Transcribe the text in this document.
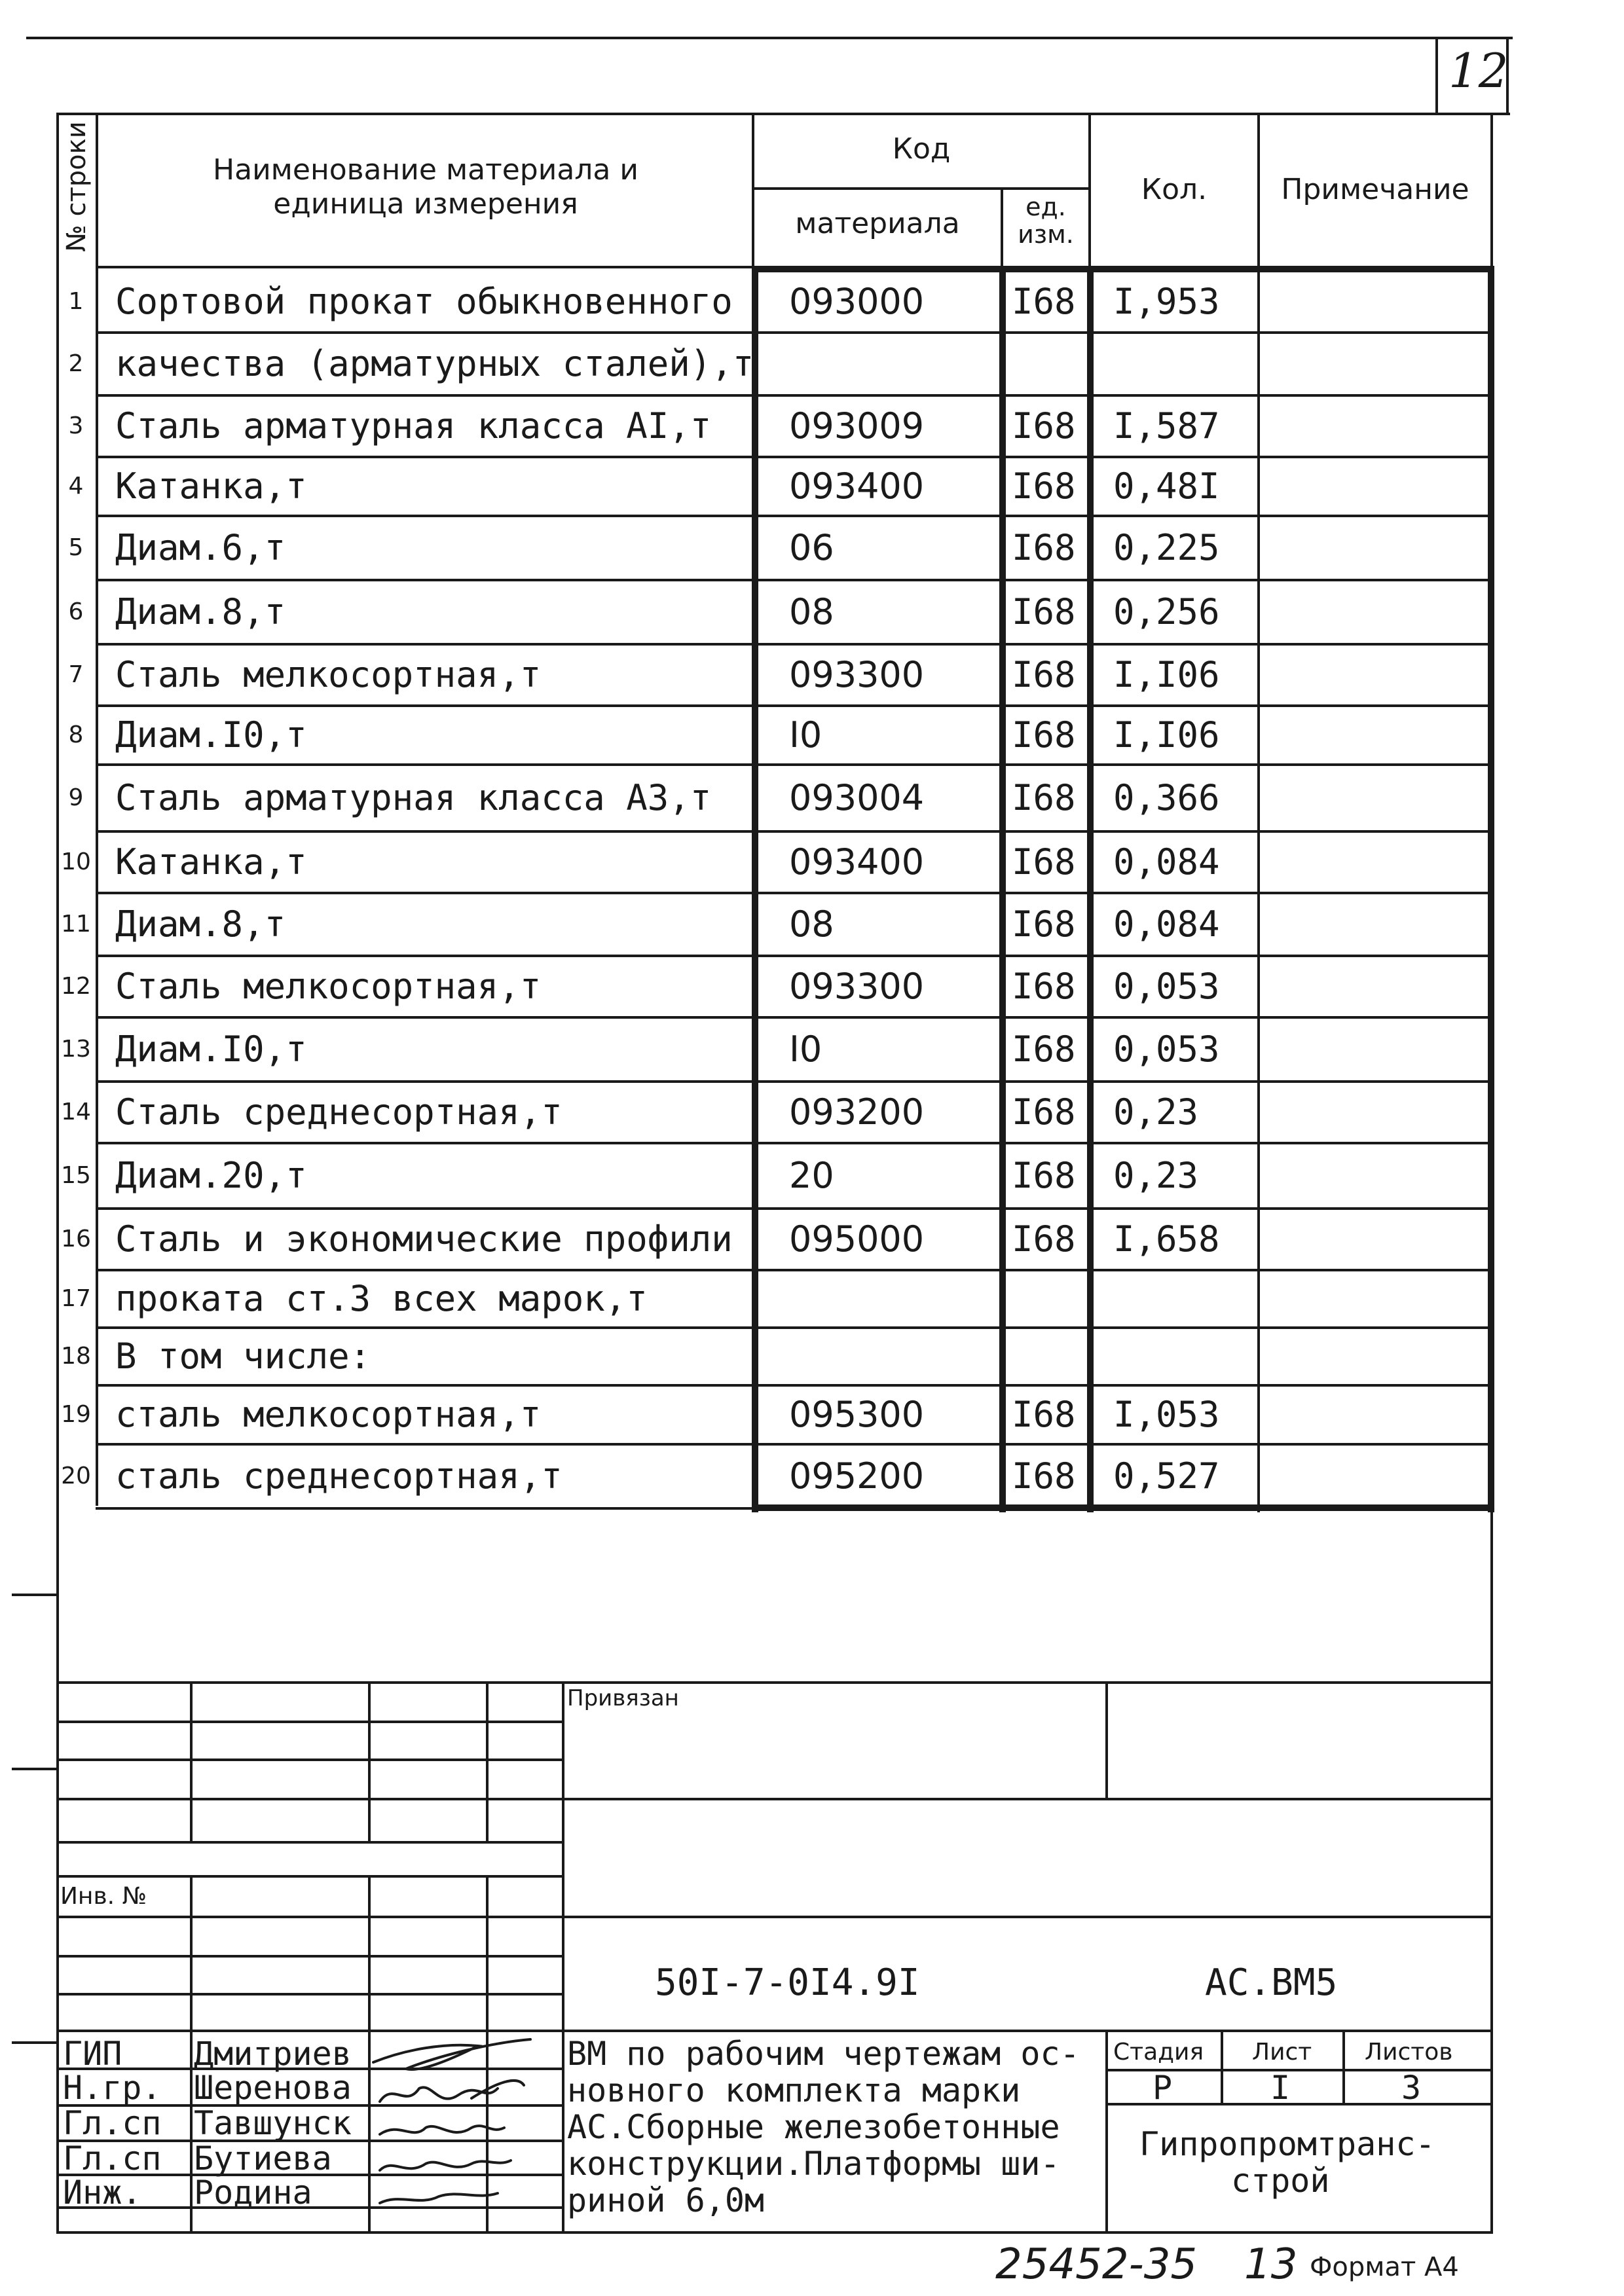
12
№ строки	Наименование материала и
единица измерения
Код
материала	ед.
изм.
Кол.	Примечание
1 Сортовой прокат обыкновенного 093000 I68 I,953
2 качества (арматурных сталей),т
3 Сталь арматурная класса АI,т 093009 I68 I,587
4 Катанка,т	093400 I68 0,48I
5 Диам.6,т	06	I68 0,225
6 Диам.8,т	08	I68 0,256
7 Сталь мелкосортная,т	093300 I68 I,I06
8 Диам.I0,т	I0	I68 I,I06
9 Сталь арматурная класса А3,т 093004 I68 0,366
10 Катанка,т	093400 I68 0,084
11 Диам.8,т	08	I68 0,084
12 Сталь мелкосортная,т	093300 I68 0,053
13 Диам.I0,т	I0	I68 0,053
14 Сталь среднесортная,т	093200 I68 0,23
15 Диам.20,т	20	I68 0,23
16 Сталь и экономические профили 095000 I68 I,658
17 проката ст.3 всех марок,т
18 В том числе:
19 сталь мелкосортная,т	095300 I68 I,053
20 сталь среднесортная,т	095200 I68 0,527
Привязан
Инв. №
50I-7-0I4.9I	АС.ВМ5
ГИП Дмитриев
Н.гр. Шеренова
Гл.сп Тавшунск
Гл.сп Бутиева
Инж. Родина
ВМ по рабочим чертежам ос-
новного комплекта марки
АС.Сборные железобетонные
конструкции.Платформы ши-
риной 6,0м
Стадия Лист Листов
Р	I	3
Гипропромтранс-
строй
25452-35 13 Формат А4
